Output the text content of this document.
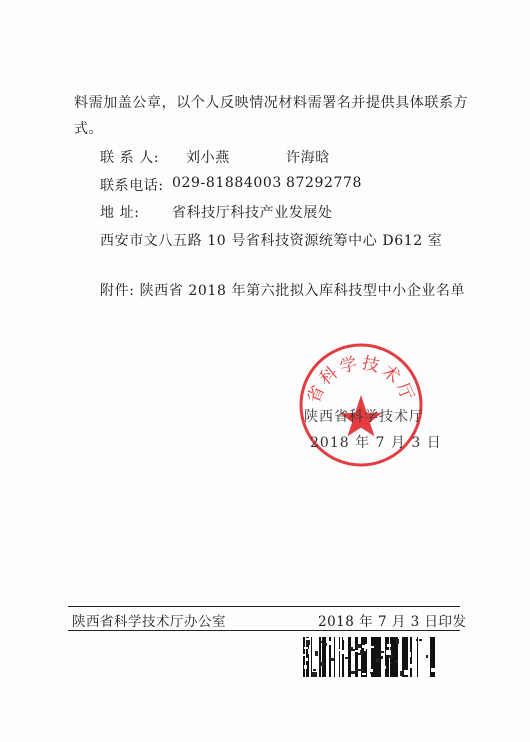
料需加盖公章，以个人反映情况材料需署名并提供具体联系方
式。
联 系 人: 刘小燕	许海晗
联系电话: 029-81884003 87292778
地 址: 省科技厅科技产业发展处
西安市文八五路 10 号省科技资源统筹中心 D612 室
附件: 陕西省 2018 年第六批拟入库科技型中小企业名单
省科学技术厅
陕西省科学技术厅
2018 年 7 月 3 日
陕西省科学技术厅办公室	2018 年 7 月 3 日印发
